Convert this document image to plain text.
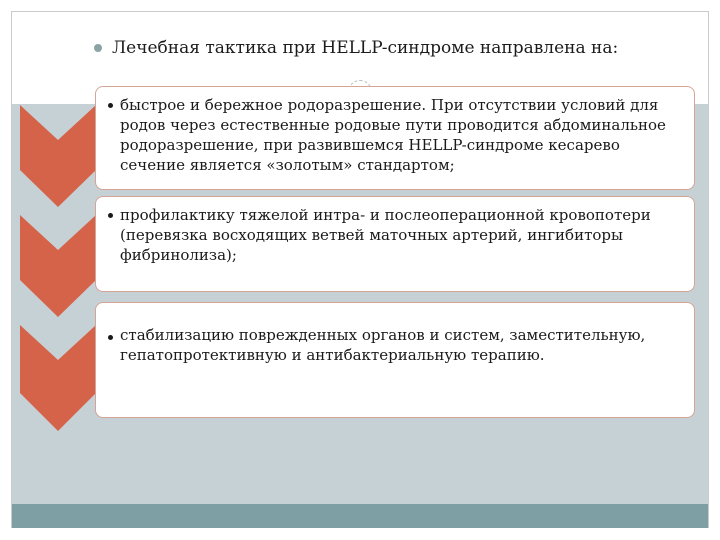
Лечебная тактика при HELLP-синдроме направлена на:
быстрое и бережное родоразрешение. При отсутствии условий для родов через естественные родовые пути проводится абдоминальное родоразрешение, при развившемся HELLP-синдроме кесарево сечение является «золотым» стандартом;
профилактику тяжелой интра- и послеоперационной кровопотери (перевязка восходящих ветвей маточных артерий, ингибиторы фибринолиза);
стабилизацию поврежденных органов и систем, заместительную, гепатопротективную и антибактериальную терапию.
